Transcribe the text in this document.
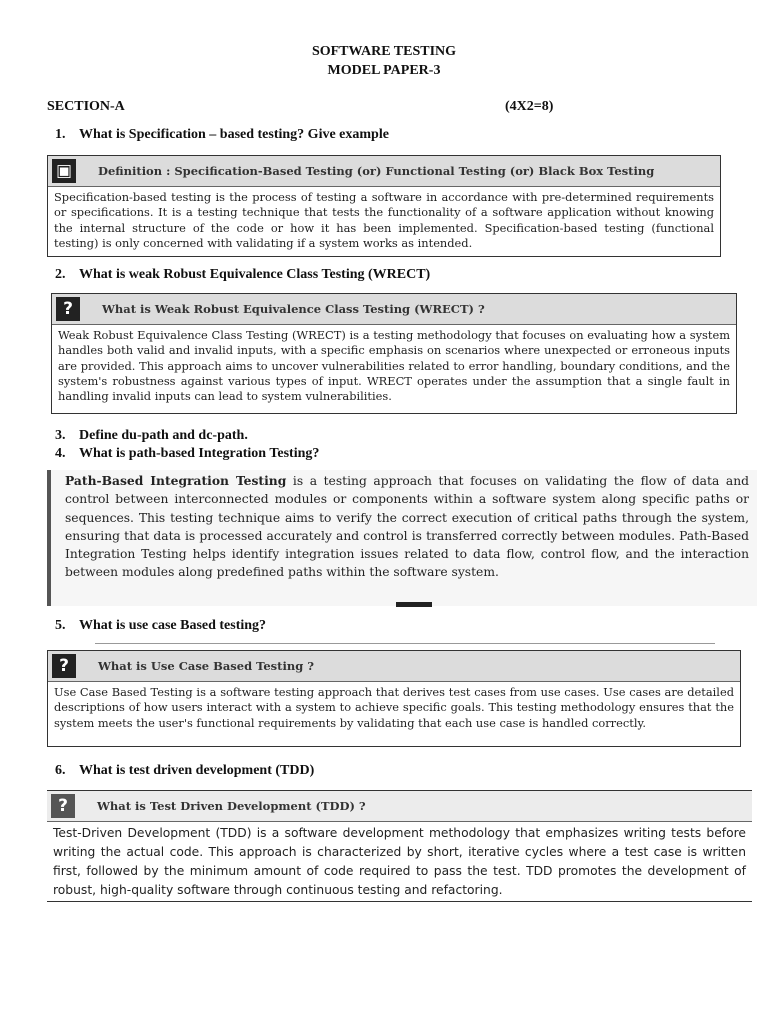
SOFTWARE TESTING
MODEL PAPER-3
SECTION-A	(4X2=8)
1. What is Specification – based testing? Give example
▣	Definition : Specification-Based Testing (or) Functional Testing (or) Black Box Testing
Specification-based testing is the process of testing a software in accordance with pre-determined requirements or specifications. It is a testing technique that tests the functionality of a software application without knowing the internal structure of the code or how it has been implemented. Specification-based testing (functional testing) is only concerned with validating if a system works as intended.
2. What is weak Robust Equivalence Class Testing (WRECT)
?	What is Weak Robust Equivalence Class Testing (WRECT) ?
Weak Robust Equivalence Class Testing (WRECT) is a testing methodology that focuses on evaluating how a system handles both valid and invalid inputs, with a specific emphasis on scenarios where unexpected or erroneous inputs are provided. This approach aims to uncover vulnerabilities related to error handling, boundary conditions, and the system's robustness against various types of input. WRECT operates under the assumption that a single fault in handling invalid inputs can lead to system vulnerabilities.
3. Define du-path and dc-path.
4. What is path-based Integration Testing?
Path-Based Integration Testing is a testing approach that focuses on validating the flow of data and control between interconnected modules or components within a software system along specific paths or sequences. This testing technique aims to verify the correct execution of critical paths through the system, ensuring that data is processed accurately and control is transferred correctly between modules. Path-Based Integration Testing helps identify integration issues related to data flow, control flow, and the interaction between modules along predefined paths within the software system.
5. What is use case Based testing?
?	What is Use Case Based Testing ?
Use Case Based Testing is a software testing approach that derives test cases from use cases. Use cases are detailed descriptions of how users interact with a system to achieve specific goals. This testing methodology ensures that the system meets the user's functional requirements by validating that each use case is handled correctly.
6. What is test driven development (TDD)
?	What is Test Driven Development (TDD) ?
Test-Driven Development (TDD) is a software development methodology that emphasizes writing tests before writing the actual code. This approach is characterized by short, iterative cycles where a test case is written first, followed by the minimum amount of code required to pass the test. TDD promotes the development of robust, high-quality software through continuous testing and refactoring.
